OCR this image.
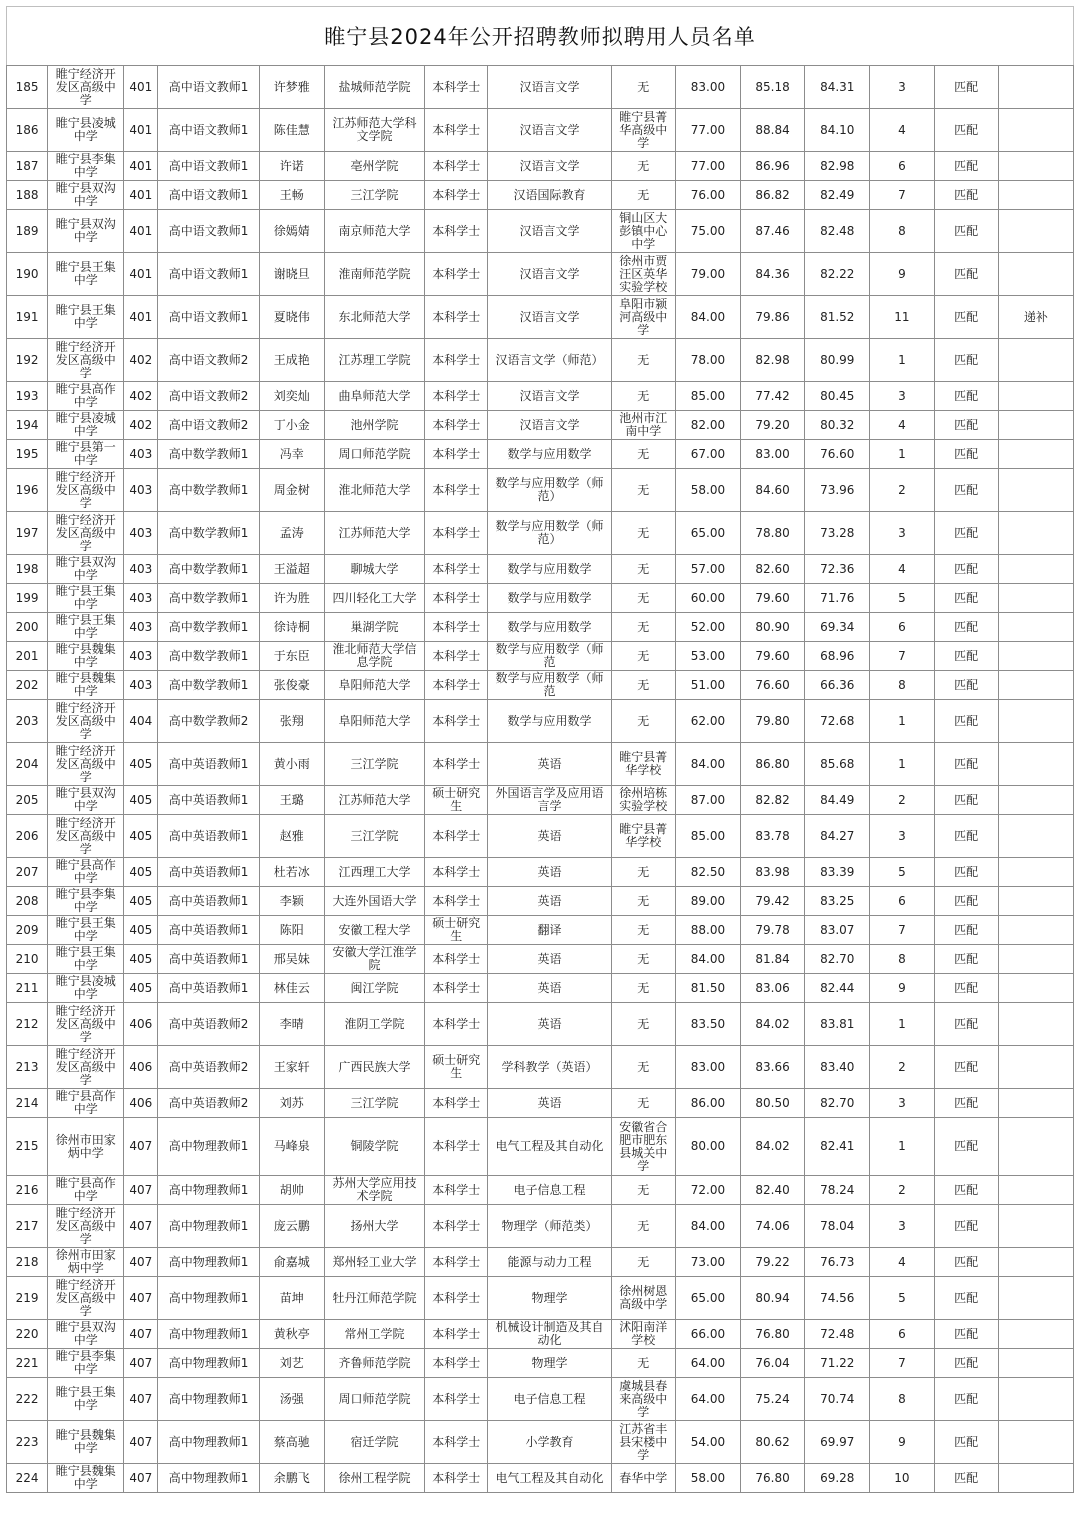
睢宁县2024年公开招聘教师拟聘用人员名单
185	睢宁经济开发区高级中学	401	高中语文教师1	许梦雅	盐城师范学院	本科学士	汉语言文学	无	83.00	85.18	84.31	3	匹配	
186	睢宁县凌城中学	401	高中语文教师1	陈佳慧	江苏师范大学科文学院	本科学士	汉语言文学	睢宁县菁华高级中学	77.00	88.84	84.10	4	匹配	
187	睢宁县李集中学	401	高中语文教师1	许诺	亳州学院	本科学士	汉语言文学	无	77.00	86.96	82.98	6	匹配	
188	睢宁县双沟中学	401	高中语文教师1	王畅	三江学院	本科学士	汉语国际教育	无	76.00	86.82	82.49	7	匹配	
189	睢宁县双沟中学	401	高中语文教师1	徐嫣婧	南京师范大学	本科学士	汉语言文学	铜山区大彭镇中心中学	75.00	87.46	82.48	8	匹配	
190	睢宁县王集中学	401	高中语文教师1	谢晓旦	淮南师范学院	本科学士	汉语言文学	徐州市贾汪区英华实验学校	79.00	84.36	82.22	9	匹配	
191	睢宁县王集中学	401	高中语文教师1	夏晓伟	东北师范大学	本科学士	汉语言文学	阜阳市颍河高级中学	84.00	79.86	81.52	11	匹配	递补
192	睢宁经济开发区高级中学	402	高中语文教师2	王成艳	江苏理工学院	本科学士	汉语言文学（师范）	无	78.00	82.98	80.99	1	匹配	
193	睢宁县高作中学	402	高中语文教师2	刘奕灿	曲阜师范大学	本科学士	汉语言文学	无	85.00	77.42	80.45	3	匹配	
194	睢宁县凌城中学	402	高中语文教师2	丁小金	池州学院	本科学士	汉语言文学	池州市江南中学	82.00	79.20	80.32	4	匹配	
195	睢宁县第一中学	403	高中数学教师1	冯幸	周口师范学院	本科学士	数学与应用数学	无	67.00	83.00	76.60	1	匹配	
196	睢宁经济开发区高级中学	403	高中数学教师1	周金树	淮北师范大学	本科学士	数学与应用数学（师范）	无	58.00	84.60	73.96	2	匹配	
197	睢宁经济开发区高级中学	403	高中数学教师1	孟涛	江苏师范大学	本科学士	数学与应用数学（师范）	无	65.00	78.80	73.28	3	匹配	
198	睢宁县双沟中学	403	高中数学教师1	王溢超	聊城大学	本科学士	数学与应用数学	无	57.00	82.60	72.36	4	匹配	
199	睢宁县王集中学	403	高中数学教师1	许为胜	四川轻化工大学	本科学士	数学与应用数学	无	60.00	79.60	71.76	5	匹配	
200	睢宁县王集中学	403	高中数学教师1	徐诗桐	巢湖学院	本科学士	数学与应用数学	无	52.00	80.90	69.34	6	匹配	
201	睢宁县魏集中学	403	高中数学教师1	于东臣	淮北师范大学信息学院	本科学士	数学与应用数学（师范	无	53.00	79.60	68.96	7	匹配	
202	睢宁县魏集中学	403	高中数学教师1	张俊豪	阜阳师范大学	本科学士	数学与应用数学（师范	无	51.00	76.60	66.36	8	匹配	
203	睢宁经济开发区高级中学	404	高中数学教师2	张翔	阜阳师范大学	本科学士	数学与应用数学	无	62.00	79.80	72.68	1	匹配	
204	睢宁经济开发区高级中学	405	高中英语教师1	黄小雨	三江学院	本科学士	英语	睢宁县菁华学校	84.00	86.80	85.68	1	匹配	
205	睢宁县双沟中学	405	高中英语教师1	王璐	江苏师范大学	硕士研究生	外国语言学及应用语言学	徐州培栋实验学校	87.00	82.82	84.49	2	匹配	
206	睢宁经济开发区高级中学	405	高中英语教师1	赵雅	三江学院	本科学士	英语	睢宁县菁华学校	85.00	83.78	84.27	3	匹配	
207	睢宁县高作中学	405	高中英语教师1	杜若冰	江西理工大学	本科学士	英语	无	82.50	83.98	83.39	5	匹配	
208	睢宁县李集中学	405	高中英语教师1	李颖	大连外国语大学	本科学士	英语	无	89.00	79.42	83.25	6	匹配	
209	睢宁县王集中学	405	高中英语教师1	陈阳	安徽工程大学	硕士研究生	翻译	无	88.00	79.78	83.07	7	匹配	
210	睢宁县王集中学	405	高中英语教师1	邢吴妹	安徽大学江淮学院	本科学士	英语	无	84.00	81.84	82.70	8	匹配	
211	睢宁县凌城中学	405	高中英语教师1	林佳云	闽江学院	本科学士	英语	无	81.50	83.06	82.44	9	匹配	
212	睢宁经济开发区高级中学	406	高中英语教师2	李晴	淮阴工学院	本科学士	英语	无	83.50	84.02	83.81	1	匹配	
213	睢宁经济开发区高级中学	406	高中英语教师2	王家轩	广西民族大学	硕士研究生	学科教学（英语）	无	83.00	83.66	83.40	2	匹配	
214	睢宁县高作中学	406	高中英语教师2	刘苏	三江学院	本科学士	英语	无	86.00	80.50	82.70	3	匹配	
215	徐州市田家炳中学	407	高中物理教师1	马峰泉	铜陵学院	本科学士	电气工程及其自动化	安徽省合肥市肥东县城关中学	80.00	84.02	82.41	1	匹配	
216	睢宁县高作中学	407	高中物理教师1	胡帅	苏州大学应用技术学院	本科学士	电子信息工程	无	72.00	82.40	78.24	2	匹配	
217	睢宁经济开发区高级中学	407	高中物理教师1	庞云鹏	扬州大学	本科学士	物理学（师范类）	无	84.00	74.06	78.04	3	匹配	
218	徐州市田家炳中学	407	高中物理教师1	俞嘉城	郑州轻工业大学	本科学士	能源与动力工程	无	73.00	79.22	76.73	4	匹配	
219	睢宁经济开发区高级中学	407	高中物理教师1	苗坤	牡丹江师范学院	本科学士	物理学	徐州树恩高级中学	65.00	80.94	74.56	5	匹配	
220	睢宁县双沟中学	407	高中物理教师1	黄秋亭	常州工学院	本科学士	机械设计制造及其自动化	沭阳南洋学校	66.00	76.80	72.48	6	匹配	
221	睢宁县李集中学	407	高中物理教师1	刘艺	齐鲁师范学院	本科学士	物理学	无	64.00	76.04	71.22	7	匹配	
222	睢宁县王集中学	407	高中物理教师1	汤强	周口师范学院	本科学士	电子信息工程	虞城县春来高级中学	64.00	75.24	70.74	8	匹配	
223	睢宁县魏集中学	407	高中物理教师1	蔡高驰	宿迁学院	本科学士	小学教育	江苏省丰县宋楼中学	54.00	80.62	69.97	9	匹配	
224	睢宁县魏集中学	407	高中物理教师1	余鹏飞	徐州工程学院	本科学士	电气工程及其自动化	春华中学	58.00	76.80	69.28	10	匹配	
